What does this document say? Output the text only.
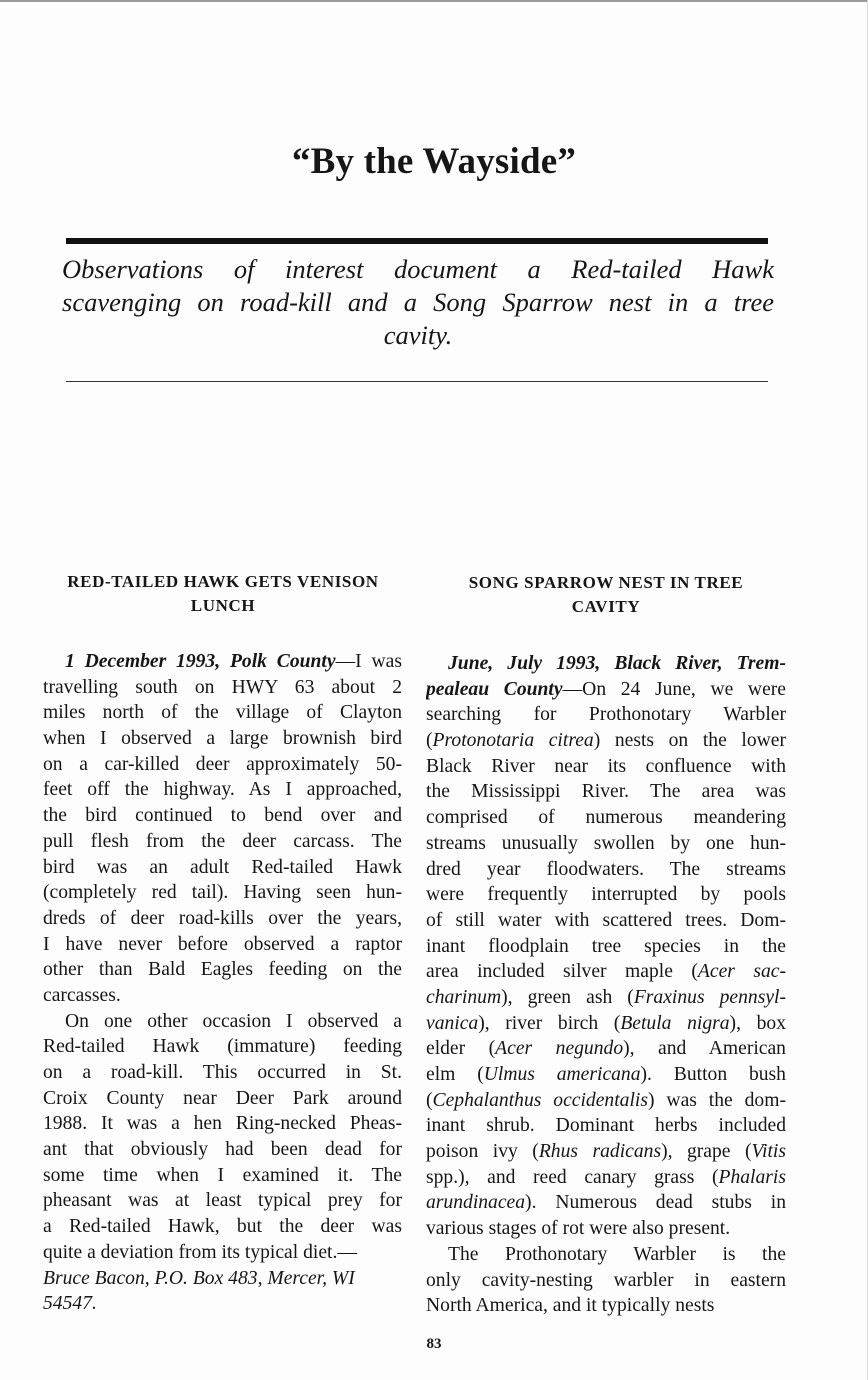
“By the Wayside”
Observations of interest document a Red-tailed Hawk
scavenging on road-kill and a Song Sparrow nest in a tree
cavity.
RED-TAILED HAWK GETS VENISON
LUNCH
SONG SPARROW NEST IN TREE
CAVITY
1 December 1993, Polk County—I was
travelling south on HWY 63 about 2
miles north of the village of Clayton
when I observed a large brownish bird
on a car-killed deer approximately 50-
feet off the highway. As I approached,
the bird continued to bend over and
pull flesh from the deer carcass. The
bird was an adult Red-tailed Hawk
(completely red tail). Having seen hun-
dreds of deer road-kills over the years,
I have never before observed a raptor
other than Bald Eagles feeding on the
carcasses.
On one other occasion I observed a
Red-tailed Hawk (immature) feeding
on a road-kill. This occurred in St.
Croix County near Deer Park around
1988. It was a hen Ring-necked Pheas-
ant that obviously had been dead for
some time when I examined it. The
pheasant was at least typical prey for
a Red-tailed Hawk, but the deer was
quite a deviation from its typical diet.—
Bruce Bacon, P.O. Box 483, Mercer, WI
54547.
June, July 1993, Black River, Trem-
pealeau County—On 24 June, we were
searching for Prothonotary Warbler
(Protonotaria citrea) nests on the lower
Black River near its confluence with
the Mississippi River. The area was
comprised of numerous meandering
streams unusually swollen by one hun-
dred year floodwaters. The streams
were frequently interrupted by pools
of still water with scattered trees. Dom-
inant floodplain tree species in the
area included silver maple (Acer sac-
charinum), green ash (Fraxinus pennsyl-
vanica), river birch (Betula nigra), box
elder (Acer negundo), and American
elm (Ulmus americana). Button bush
(Cephalanthus occidentalis) was the dom-
inant shrub. Dominant herbs included
poison ivy (Rhus radicans), grape (Vitis
spp.), and reed canary grass (Phalaris
arundinacea). Numerous dead stubs in
various stages of rot were also present.
The Prothonotary Warbler is the
only cavity-nesting warbler in eastern
North America, and it typically nests
83
